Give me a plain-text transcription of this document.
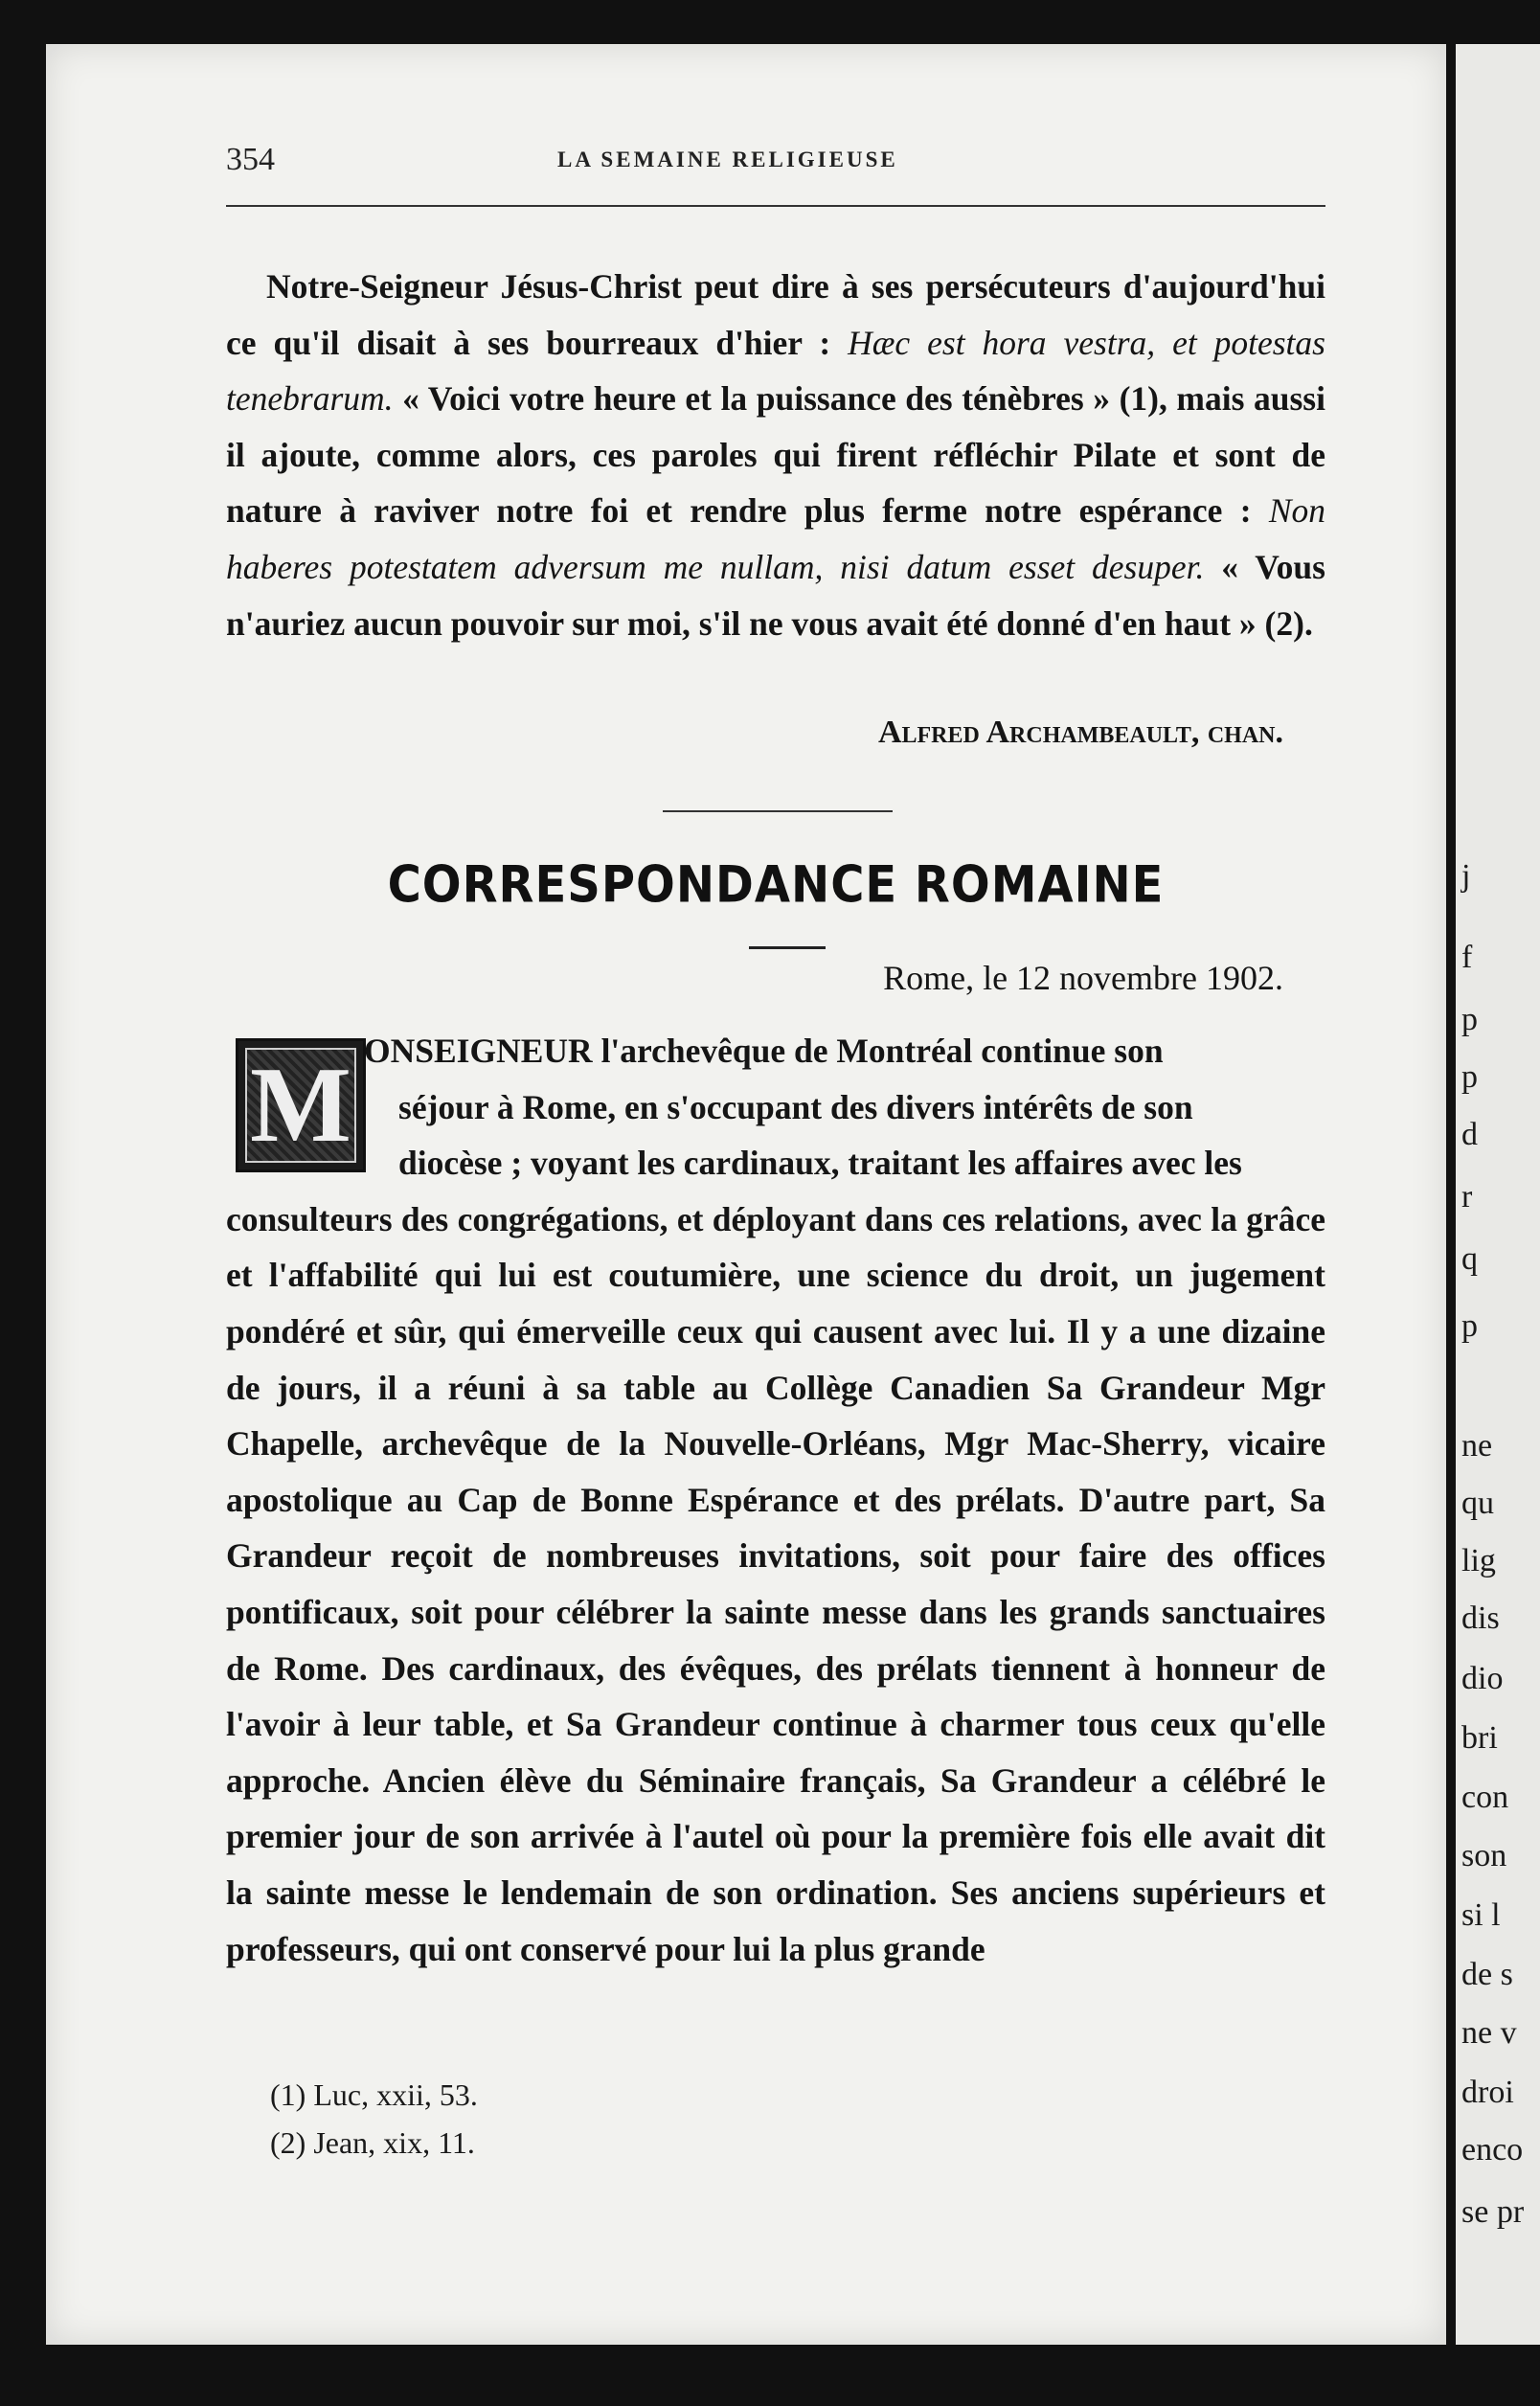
j
f
p
p
d
r
q
p
ne
qu
lig
dis
dio
bri
con
son
si l
de s
ne v
droi
enco
se pr
354	LA SEMAINE RELIGIEUSE
Notre-Seigneur Jésus-Christ peut dire à ses persécuteurs d'aujourd'hui ce qu'il disait à ses bourreaux d'hier : Hæc est hora vestra, et potestas tenebrarum. « Voici votre heure et la puissance des ténèbres » (1), mais aussi il ajoute, comme alors, ces paroles qui firent réfléchir Pilate et sont de nature à raviver notre foi et rendre plus ferme notre espérance : Non haberes potestatem adversum me nullam, nisi datum esset desuper. « Vous n'auriez aucun pouvoir sur moi, s'il ne vous avait été donné d'en haut » (2).
Alfred Archambeault, chan.
CORRESPONDANCE ROMAINE
Rome, le 12 novembre 1902.
M ONSEIGNEUR l'archevêque de Montréal continue son
séjour à Rome, en s'occupant des divers intérêts de son
diocèse ; voyant les cardinaux, traitant les affaires avec les
consulteurs des congrégations, et déployant dans ces relations, avec la grâce et l'affabilité qui lui est coutumière, une science du droit, un jugement pondéré et sûr, qui émerveille ceux qui causent avec lui. Il y a une dizaine de jours, il a réuni à sa table au Collège Canadien Sa Grandeur Mgr Chapelle, archevêque de la Nouvelle-Orléans, Mgr Mac-Sherry, vicaire apostolique au Cap de Bonne Espérance et des prélats. D'autre part, Sa Grandeur reçoit de nombreuses invitations, soit pour faire des offices pontificaux, soit pour célébrer la sainte messe dans les grands sanctuaires de Rome. Des cardinaux, des évêques, des prélats tiennent à honneur de l'avoir à leur table, et Sa Grandeur continue à charmer tous ceux qu'elle approche. Ancien élève du Séminaire français, Sa Grandeur a célébré le premier jour de son arrivée à l'autel où pour la première fois elle avait dit la sainte messe le lendemain de son ordination. Ses anciens supérieurs et professeurs, qui ont conservé pour lui la plus grande
(1) Luc, xxii, 53.
(2) Jean, xix, 11.
